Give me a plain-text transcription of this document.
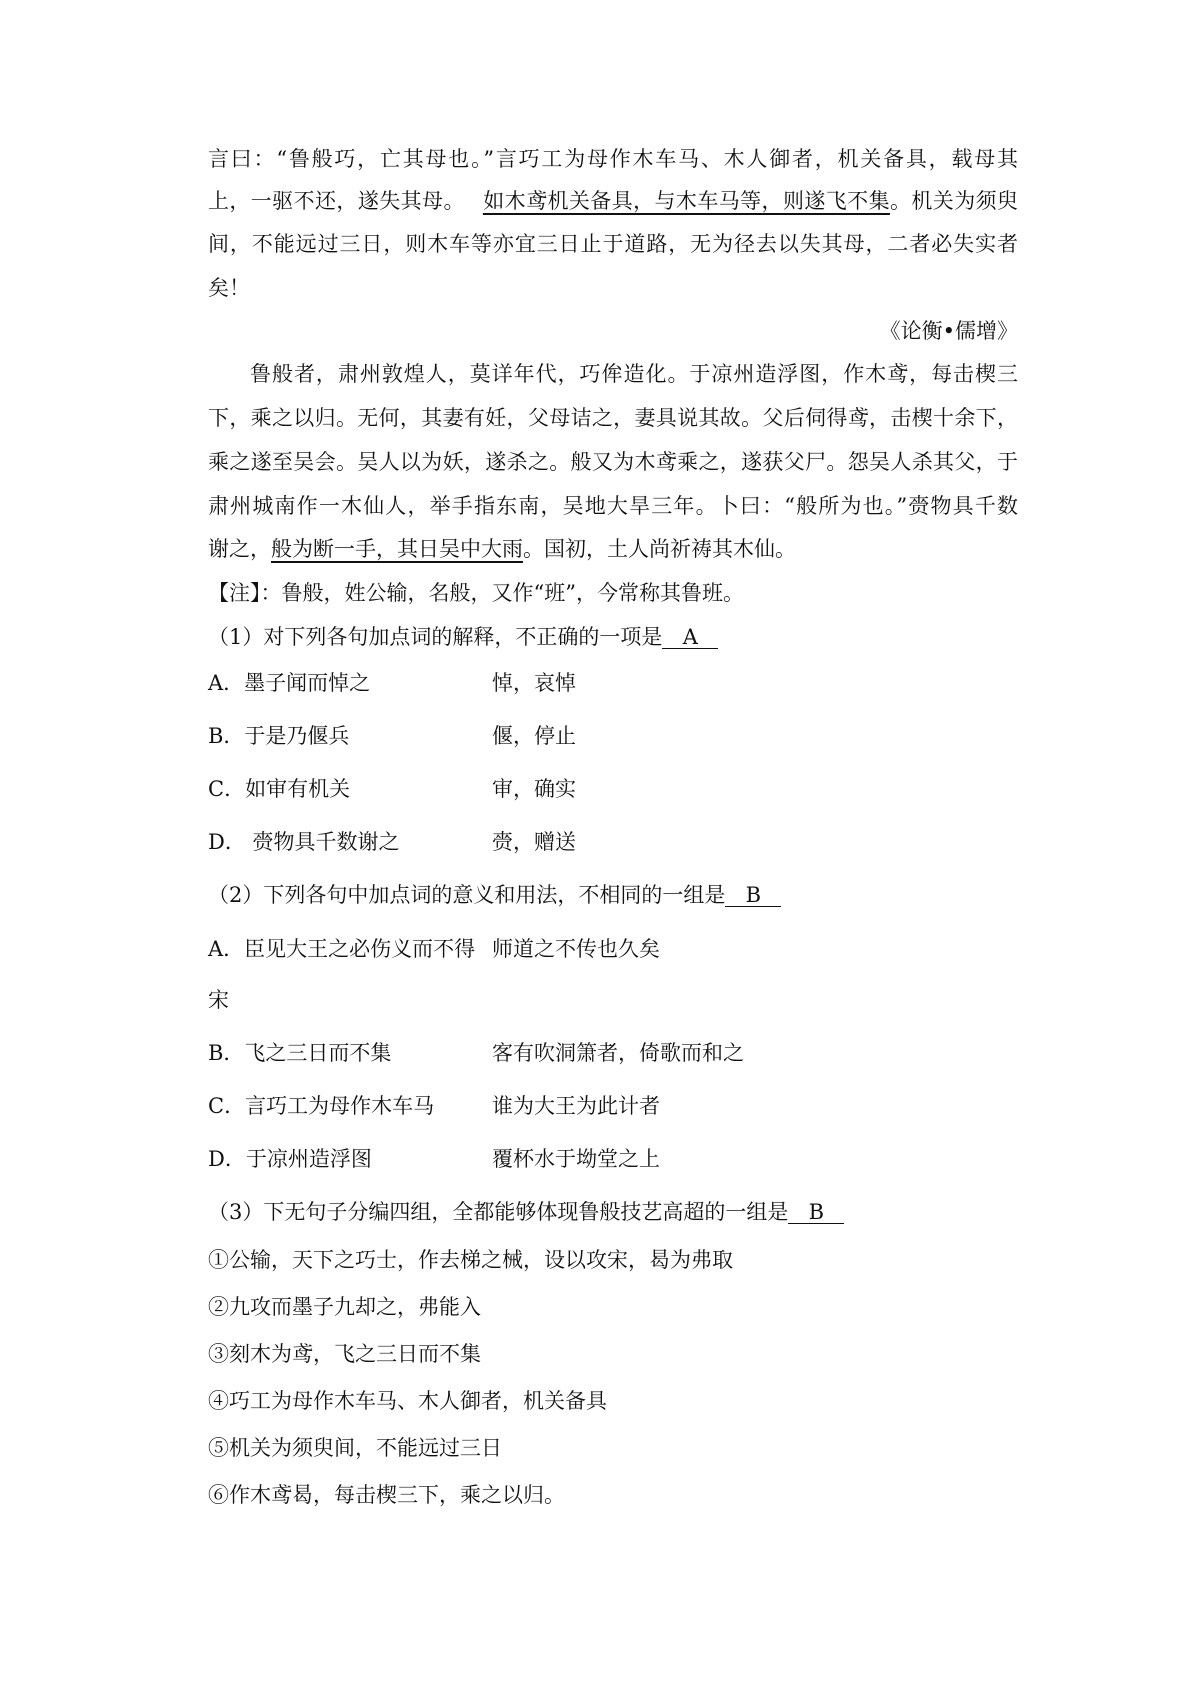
言曰：“鲁般巧，亡其母也。”言巧工为母作木车马、木人御者，机关备具，载母其
上，一驱不还，遂失其母。 如木鸢机关备具，与木车马等，则遂飞不集。机关为须臾
间，不能远过三日，则木车等亦宜三日止于道路，无为径去以失其母，二者必失实者
矣！
《论衡•儒增》
鲁般者，肃州敦煌人，莫详年代，巧侔造化。于凉州造浮图，作木鸢，每击楔三
下，乘之以归。无何，其妻有妊，父母诘之，妻具说其故。父后伺得鸢，击楔十余下，
乘之遂至吴会。吴人以为妖，遂杀之。般又为木鸢乘之，遂获父尸。怨吴人杀其父，于
肃州城南作一木仙人，举手指东南，吴地大旱三年。卜曰：“般所为也。”赍物具千数
谢之，般为断一手，其日吴中大雨。国初，土人尚祈祷其木仙。
【注】：鲁般，姓公输，名般，又作“班”，今常称其鲁班。
（1）对下列各句加点词的解释，不正确的一项是 A
A．墨子闻而悼之	悼，哀悼
B．于是乃偃兵	偃，停止
C．如审有机关	审，确实
D． 赍物具千数谢之	赍，赠送
（2）下列各句中加点词的意义和用法，不相同的一组是 B
A．臣见大王之必伤义而不得 师道之不传也久矣
宋
B．飞之三日而不集	客有吹洞箫者，倚歌而和之
C．言巧工为母作木车马	谁为大王为此计者
D．于凉州造浮图	覆杯水于坳堂之上
（3）下无句子分编四组，全都能够体现鲁般技艺高超的一组是 B
①公输，天下之巧士，作去梯之械，设以攻宋，曷为弗取
②九攻而墨子九却之，弗能入
③刻木为鸢，飞之三日而不集
④巧工为母作木车马、木人御者，机关备具
⑤机关为须臾间，不能远过三日
⑥作木鸢曷，每击楔三下，乘之以归。
